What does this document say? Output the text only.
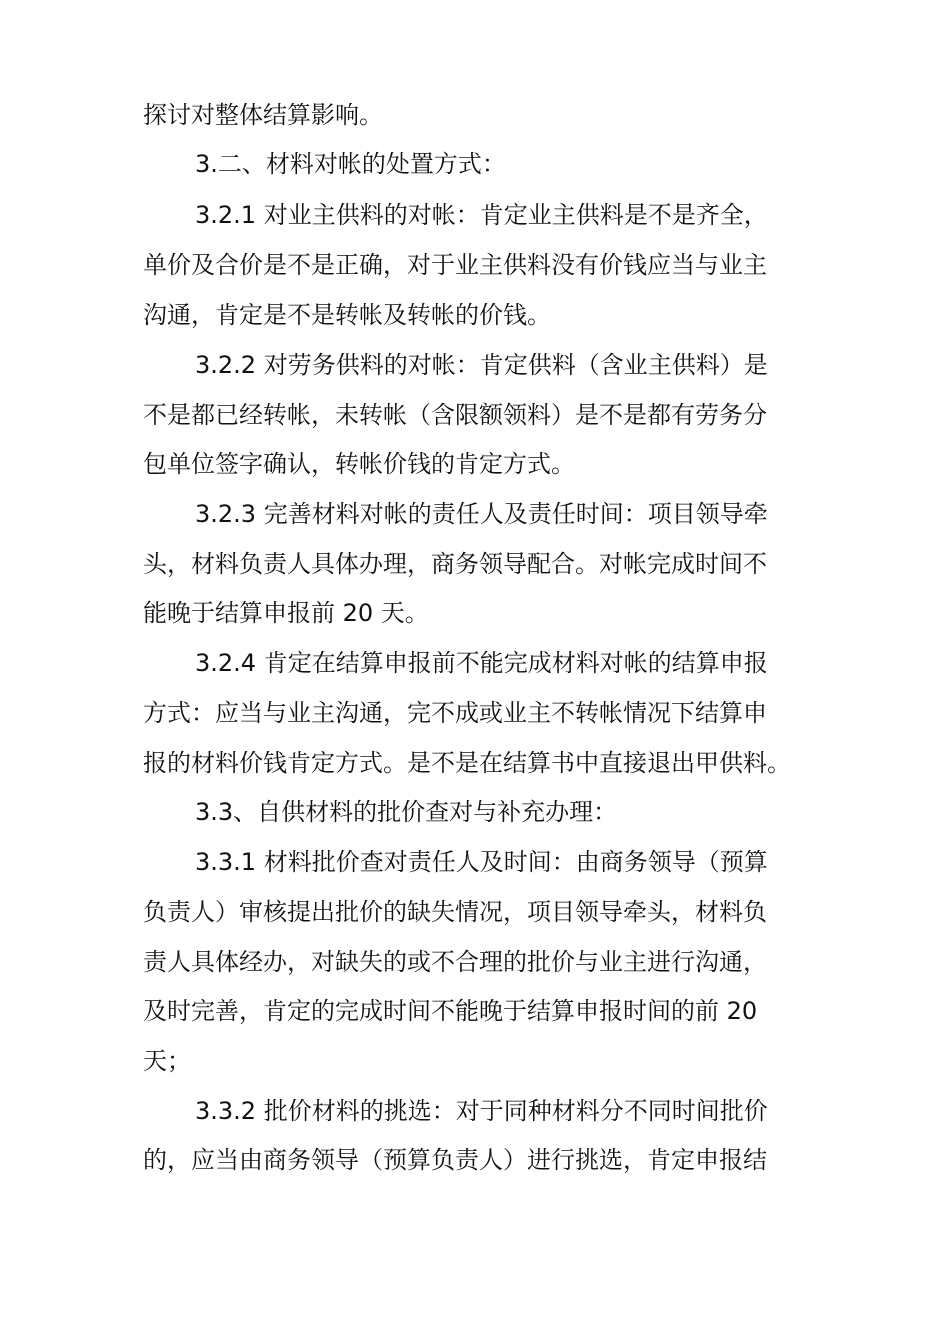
探讨对整体结算影响。
3.二、材料对帐的处置方式：
3.2.1 对业主供料的对帐：肯定业主供料是不是齐全，
单价及合价是不是正确，对于业主供料没有价钱应当与业主
沟通，肯定是不是转帐及转帐的价钱。
3.2.2 对劳务供料的对帐：肯定供料（含业主供料）是
不是都已经转帐，未转帐（含限额领料）是不是都有劳务分
包单位签字确认，转帐价钱的肯定方式。
3.2.3 完善材料对帐的责任人及责任时间：项目领导牵
头，材料负责人具体办理，商务领导配合。对帐完成时间不
能晚于结算申报前 20 天。
3.2.4 肯定在结算申报前不能完成材料对帐的结算申报
方式：应当与业主沟通，完不成或业主不转帐情况下结算申
报的材料价钱肯定方式。是不是在结算书中直接退出甲供料。
3.3、自供材料的批价查对与补充办理：
3.3.1 材料批价查对责任人及时间：由商务领导（预算
负责人）审核提出批价的缺失情况，项目领导牵头，材料负
责人具体经办，对缺失的或不合理的批价与业主进行沟通，
及时完善，肯定的完成时间不能晚于结算申报时间的前 20
天；
3.3.2 批价材料的挑选：对于同种材料分不同时间批价
的，应当由商务领导（预算负责人）进行挑选，肯定申报结
